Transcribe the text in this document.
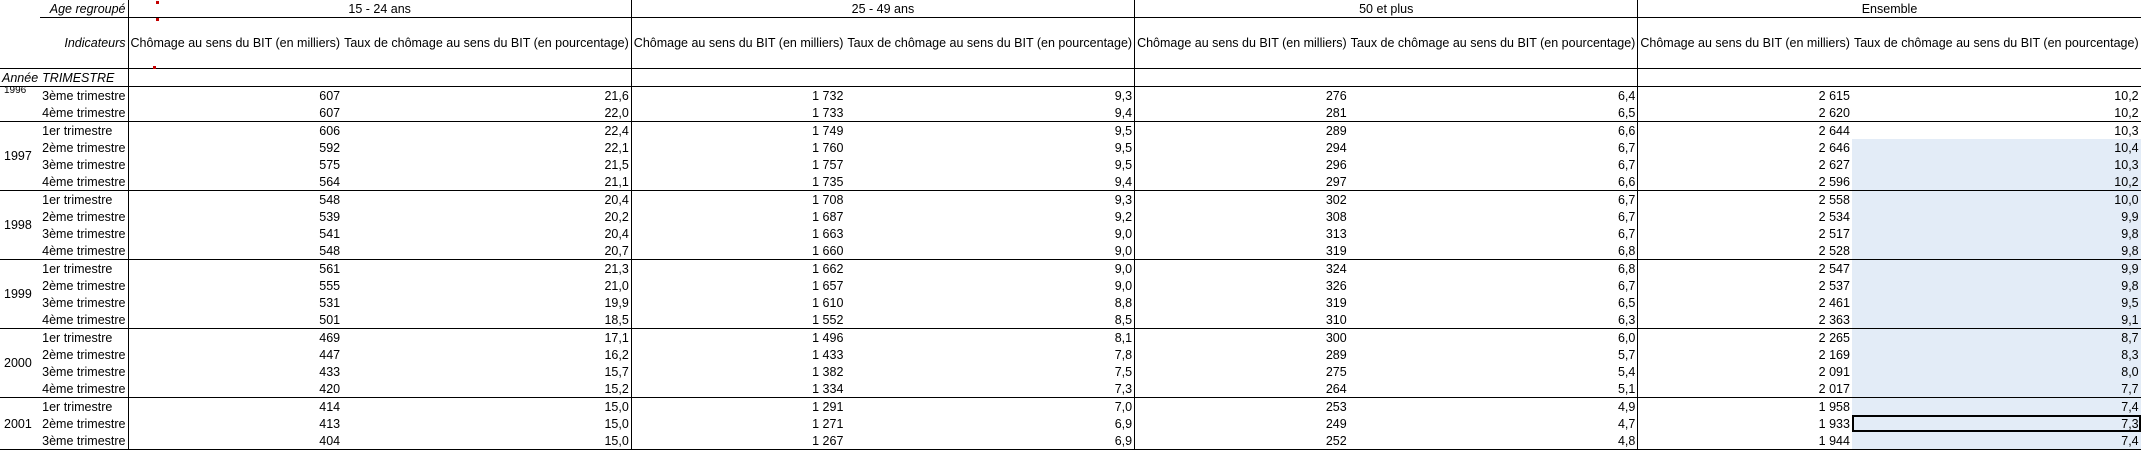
	Age regroupé	15 - 24 ans		25 - 49 ans		50 et plus		Ensemble	
	Indicateurs	Chômage au sens du BIT (en milliers)	Taux de chômage au sens du BIT (en pourcentage)	Chômage au sens du BIT (en milliers)	Taux de chômage au sens du BIT (en pourcentage)	Chômage au sens du BIT (en milliers)	Taux de chômage au sens du BIT (en pourcentage)	Chômage au sens du BIT (en milliers)	Taux de chômage au sens du BIT (en pourcentage)
Année	TRIMESTRE								
1996	3ème trimestre	607	21,6	1 732	9,3	276	6,4	2 615	10,2
	4ème trimestre	607	22,0	1 733	9,4	281	6,5	2 620	10,2
1997	1er trimestre	606	22,4	1 749	9,5	289	6,6	2 644	10,3
	2ème trimestre	592	22,1	1 760	9,5	294	6,7	2 646	10,4
	3ème trimestre	575	21,5	1 757	9,5	296	6,7	2 627	10,3
	4ème trimestre	564	21,1	1 735	9,4	297	6,6	2 596	10,2
1998	1er trimestre	548	20,4	1 708	9,3	302	6,7	2 558	10,0
	2ème trimestre	539	20,2	1 687	9,2	308	6,7	2 534	9,9
	3ème trimestre	541	20,4	1 663	9,0	313	6,7	2 517	9,8
	4ème trimestre	548	20,7	1 660	9,0	319	6,8	2 528	9,8
1999	1er trimestre	561	21,3	1 662	9,0	324	6,8	2 547	9,9
	2ème trimestre	555	21,0	1 657	9,0	326	6,7	2 537	9,8
	3ème trimestre	531	19,9	1 610	8,8	319	6,5	2 461	9,5
	4ème trimestre	501	18,5	1 552	8,5	310	6,3	2 363	9,1
2000	1er trimestre	469	17,1	1 496	8,1	300	6,0	2 265	8,7
	2ème trimestre	447	16,2	1 433	7,8	289	5,7	2 169	8,3
	3ème trimestre	433	15,7	1 382	7,5	275	5,4	2 091	8,0
	4ème trimestre	420	15,2	1 334	7,3	264	5,1	2 017	7,7
2001	1er trimestre	414	15,0	1 291	7,0	253	4,9	1 958	7,4
	2ème trimestre	413	15,0	1 271	6,9	249	4,7	1 933	7,3
	3ème trimestre	404	15,0	1 267	6,9	252	4,8	1 944	7,4
